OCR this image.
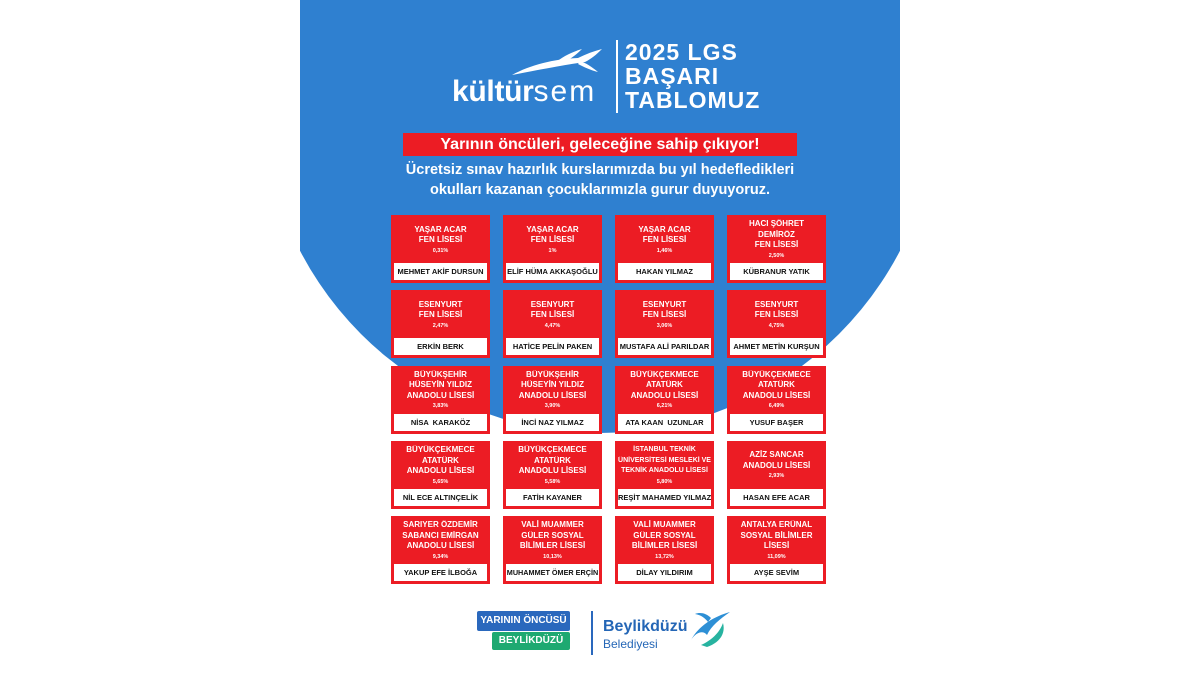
kültürsem
2025 LGS
BAŞARI
TABLOMUZ
Yarının öncüleri, geleceğine sahip çıkıyor!
Ücretsiz sınav hazırlık kurslarımızda bu yıl hedefledikleri
okulları kazanan çocuklarımızla gurur duyuyoruz.
YAŞAR ACAR
FEN LİSESİ
0,31%
MEHMET AKİF DURSUN
YAŞAR ACAR
FEN LİSESİ
1%
ELİF HÜMA AKKAŞOĞLU
YAŞAR ACAR
FEN LİSESİ
1,46%
HAKAN YILMAZ
HACI ŞÖHRET
DEMİRÖZ
FEN LİSESİ
2,50%
KÜBRANUR YATIK
ESENYURT
FEN LİSESİ
2,47%
ERKİN BERK
ESENYURT
FEN LİSESİ
4,47%
HATİCE PELİN PAKEN
ESENYURT
FEN LİSESİ
3,06%
MUSTAFA ALİ PARILDAR
ESENYURT
FEN LİSESİ
4,75%
AHMET METİN KURŞUN
BÜYÜKŞEHİR
HÜSEYİN YILDIZ
ANADOLU LİSESİ
3,83%
NİSA  KARAKÖZ
BÜYÜKŞEHİR
HÜSEYİN YILDIZ
ANADOLU LİSESİ
3,90%
İNCİ NAZ YILMAZ
BÜYÜKÇEKMECE
ATATÜRK
ANADOLU LİSESİ
6,21%
ATA KAAN  UZUNLAR
BÜYÜKÇEKMECE
ATATÜRK
ANADOLU LİSESİ
6,49%
YUSUF BAŞER
BÜYÜKÇEKMECE
ATATÜRK
ANADOLU LİSESİ
5,65%
NİL ECE ALTINÇELİK
BÜYÜKÇEKMECE
ATATÜRK
ANADOLU LİSESİ
5,58%
FATİH KAYANER
İSTANBUL TEKNİK
ÜNİVERSİTESİ MESLEKİ VE
TEKNİK ANADOLU LİSESİ
5,80%
REŞİT MAHAMED YILMAZ
AZİZ SANCAR
ANADOLU LİSESİ
2,93%
HASAN EFE ACAR
SARIYER ÖZDEMİR
SABANCI EMİRGAN
ANADOLU LİSESİ
9,34%
YAKUP EFE İLBOĞA
VALİ MUAMMER
GÜLER SOSYAL
BİLİMLER LİSESİ
10,13%
MUHAMMET ÖMER ERÇİN
VALİ MUAMMER
GÜLER SOSYAL
BİLİMLER LİSESİ
13,72%
DİLAY YILDIRIM
ANTALYA ERÜNAL
SOSYAL BİLİMLER
LİSESİ
11,09%
AYŞE SEVİM
YARININ ÖNCÜSÜ
BEYLİKDÜZÜ
Beylikdüzü
Belediyesi
